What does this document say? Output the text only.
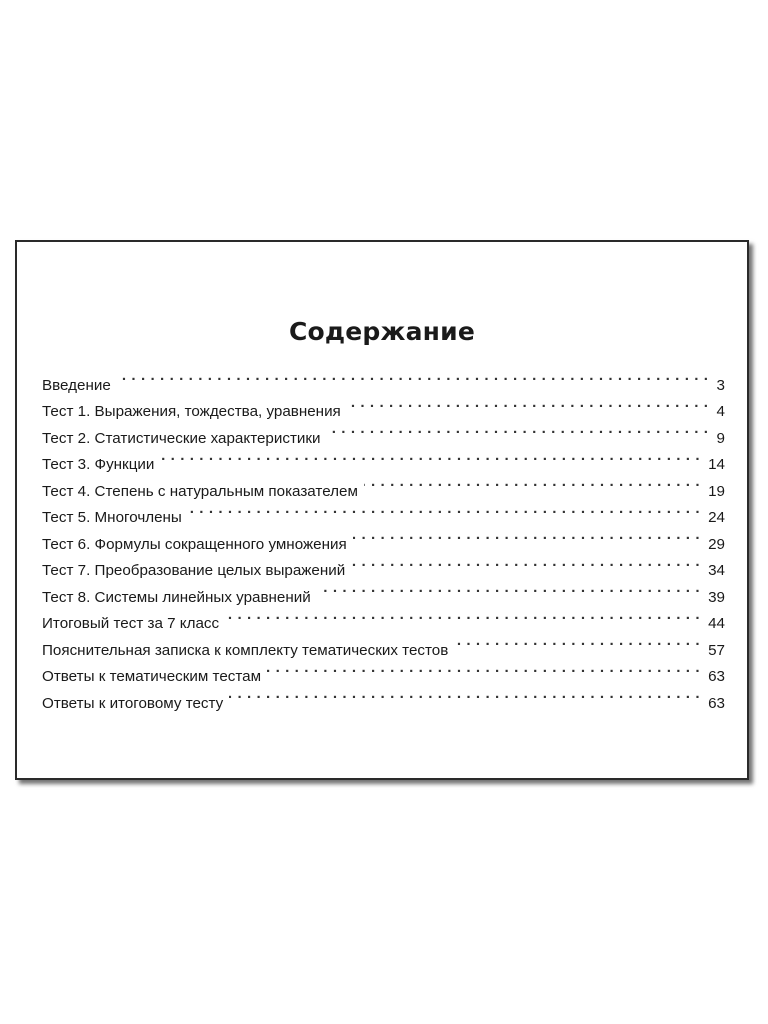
Содержание
Введение . . .	3
Тест 1. Выражения, тождества, уравнения . . .	4
Тест 2. Статистические характеристики . . .	9
Тест 3. Функции . . .	14
Тест 4. Степень с натуральным показателем . . .	19
Тест 5. Многочлены . . .	24
Тест 6. Формулы сокращенного умножения . . .	29
Тест 7. Преобразование целых выражений . . .	34
Тест 8. Системы линейных уравнений . . .	39
Итоговый тест за 7 класс . . .	44
Пояснительная записка к комплекту тематических тестов . . .	57
Ответы к тематическим тестам . . .	63
Ответы к итоговому тесту . . .	63
